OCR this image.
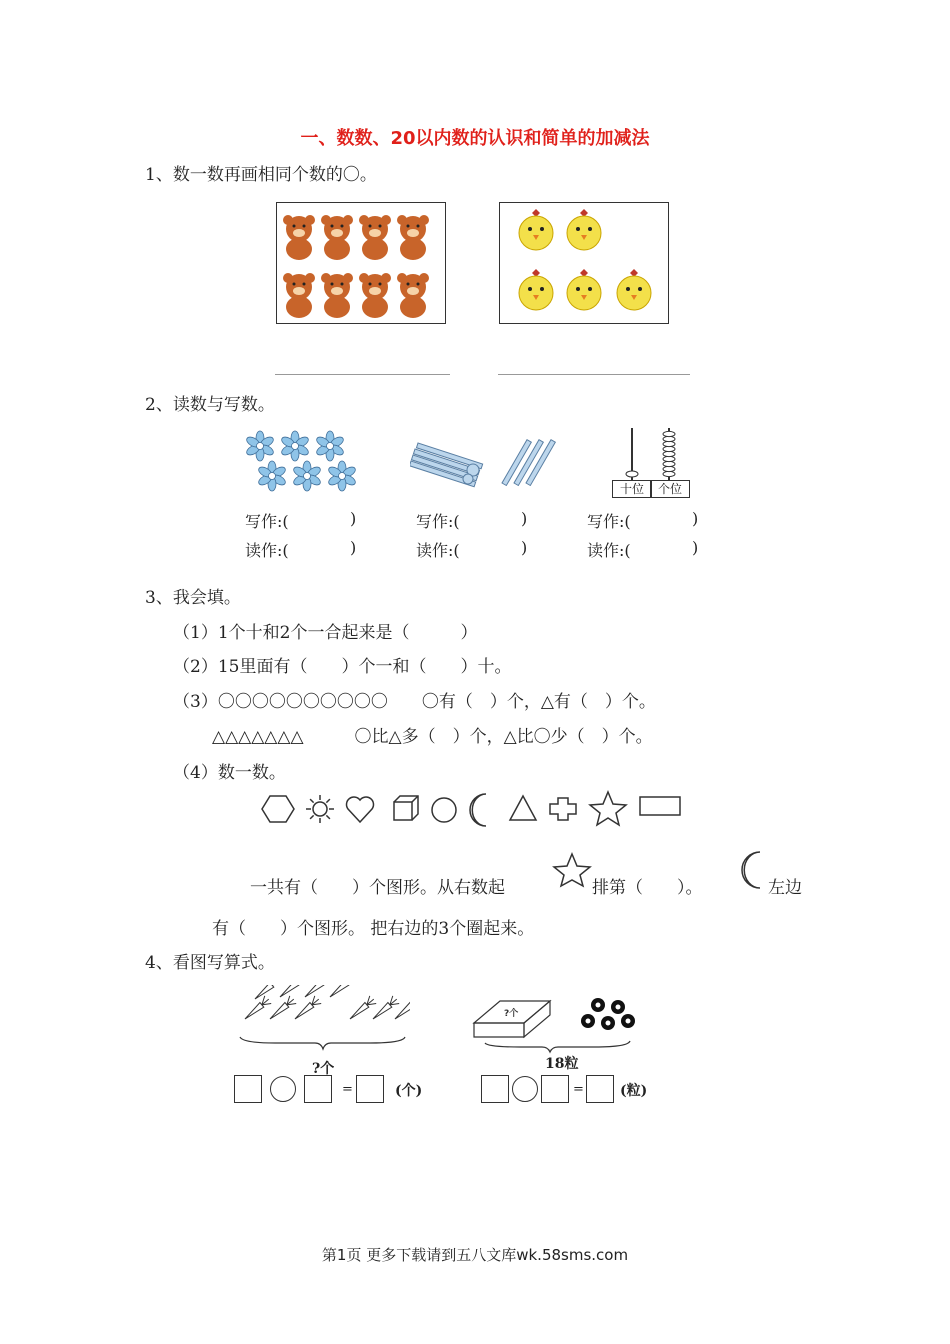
一、数数、20以内数的认识和简单的加减法
1、数一数再画相同个数的〇。
2、读数与写数。
十位	个位
写作:(	)
读作:(	)
写作:(	)
读作:(	)
写作:(	)
读作:(	)
3、我会填。
（1）1个十和2个一合起来是（　　　）
（2）15里面有（　　）个一和（　　）十。
（3）〇〇〇〇〇〇〇〇〇〇　　〇有（　）个，△有（　）个。
△△△△△△△　　　〇比△多（　）个，△比〇少（　）个。
（4）数一数。
一共有（　　）个图形。从右数起	排第（　　）。	左边
有（　　）个图形。 把右边的3个圈起来。
4、看图写算式。
?个
=	(个)
?个
18粒
=	(粒)
第1页 更多下载请到五八文库wk.58sms.com
